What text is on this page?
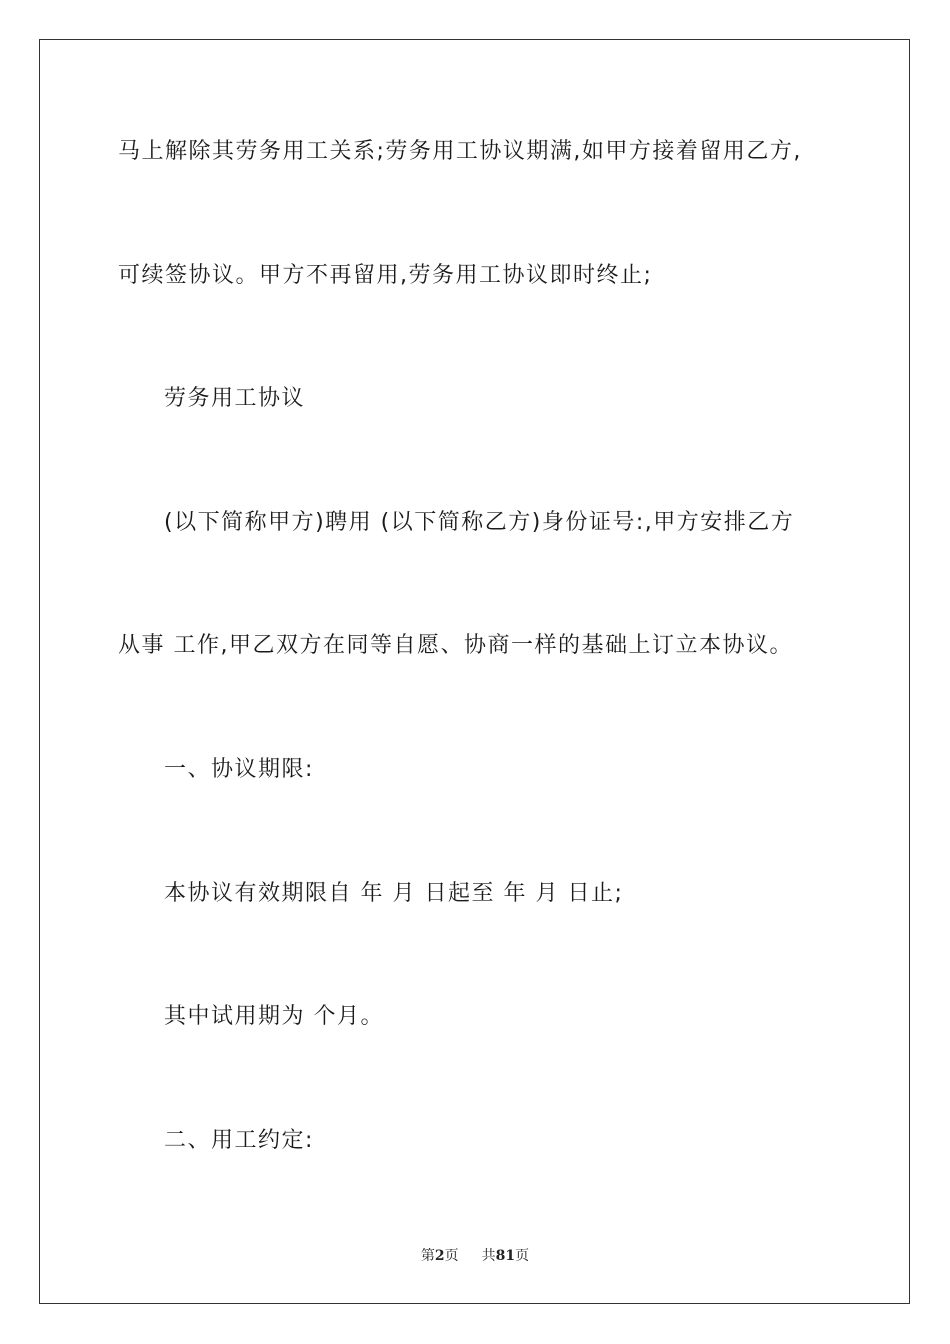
马上解除其劳务用工关系;劳务用工协议期满,如甲方接着留用乙方,
可续签协议。甲方不再留用,劳务用工协议即时终止;
劳务用工协议
(以下简称甲方)聘用 (以下简称乙方)身份证号:,甲方安排乙方
从事 工作,甲乙双方在同等自愿、协商一样的基础上订立本协议。
一、协议期限:
本协议有效期限自 年 月 日起至 年 月 日止;
其中试用期为 个月。
二、用工约定:
第2页 共81页
